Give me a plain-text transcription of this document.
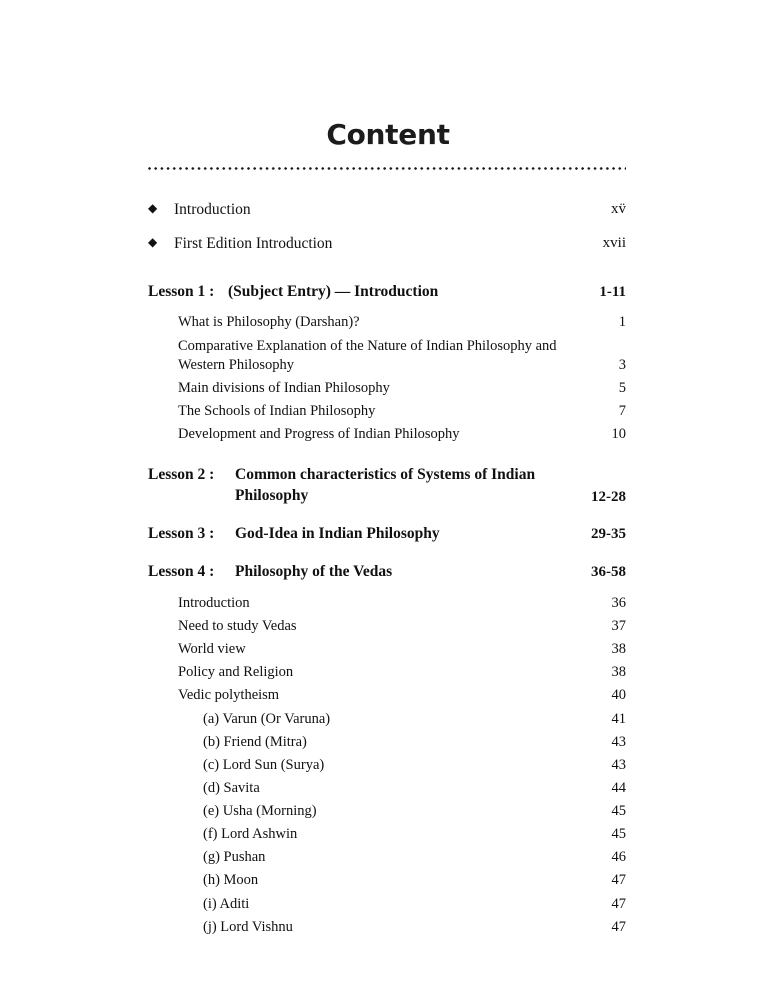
Content
◆	Introduction	xv̈
◆	First Edition Introduction	xvii
Lesson 1 : (Subject Entry) — Introduction	1-11
What is Philosophy (Darshan)?	1
Comparative Explanation of the Nature of Indian Philosophy and Western Philosophy	3
Main divisions of Indian Philosophy	5
The Schools of Indian Philosophy	7
Development and Progress of Indian Philosophy	10
Lesson 2 :	Common characteristics of Systems of Indian Philosophy	12-28
Lesson 3 :	God-Idea in Indian Philosophy	29-35
Lesson 4 :	Philosophy of the Vedas	36-58
Introduction	36
Need to study Vedas	37
World view	38
Policy and Religion	38
Vedic polytheism	40
(a) Varun (Or Varuna)	41
(b) Friend (Mitra)	43
(c) Lord Sun (Surya)	43
(d) Savita	44
(e) Usha (Morning)	45
(f) Lord Ashwin	45
(g) Pushan	46
(h) Moon	47
(i) Aditi	47
(j) Lord Vishnu	47
